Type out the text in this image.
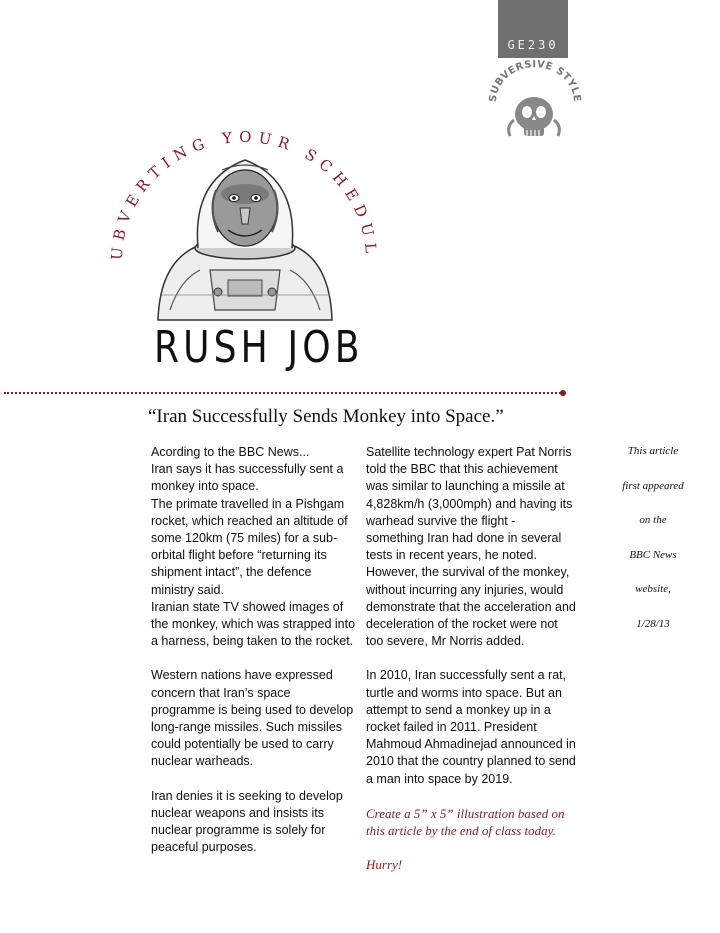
GE230
SUBVERSIVE STYLE
UBVERTING YOUR SCHEDUL
RUSH JOB
“Iran Successfully Sends Monkey into Space.”

Acording to the BBC News...

Iran says it has successfully sent a monkey into space.

The primate travelled in a Pishgam rocket, which reached an altitude of some 120km (75 miles) for a sub-orbital flight before “returning its shipment intact”, the defence ministry said.

Iranian state TV showed images of the monkey, which was strapped into a harness, being taken to the rocket.

Western nations have expressed concern that Iran’s space programme is being used to develop long-range missiles. Such missiles could potentially be used to carry nuclear warheads.

Iran denies it is seeking to develop nuclear weapons and insists its nuclear programme is solely for peaceful purposes.

Satellite technology expert Pat Norris told the BBC that this achievement was similar to launching a missile at 4,828km/h (3,000mph) and having its warhead survive the flight - something Iran had done in several tests in recent years, he noted.

However, the survival of the monkey, without incurring any injuries, would demonstrate that the acceleration and deceleration of the rocket were not too severe, Mr Norris added.

In 2010, Iran successfully sent a rat, turtle and worms into space. But an attempt to send a monkey up in a rocket failed in 2011. President Mahmoud Ahmadinejad announced in 2010 that the country planned to send a man into space by 2019.

Create a 5” x 5” illustration based on this article by the end of class today.

Hurry!

This article

first appeared

on the

BBC News

website,

1/28/13
